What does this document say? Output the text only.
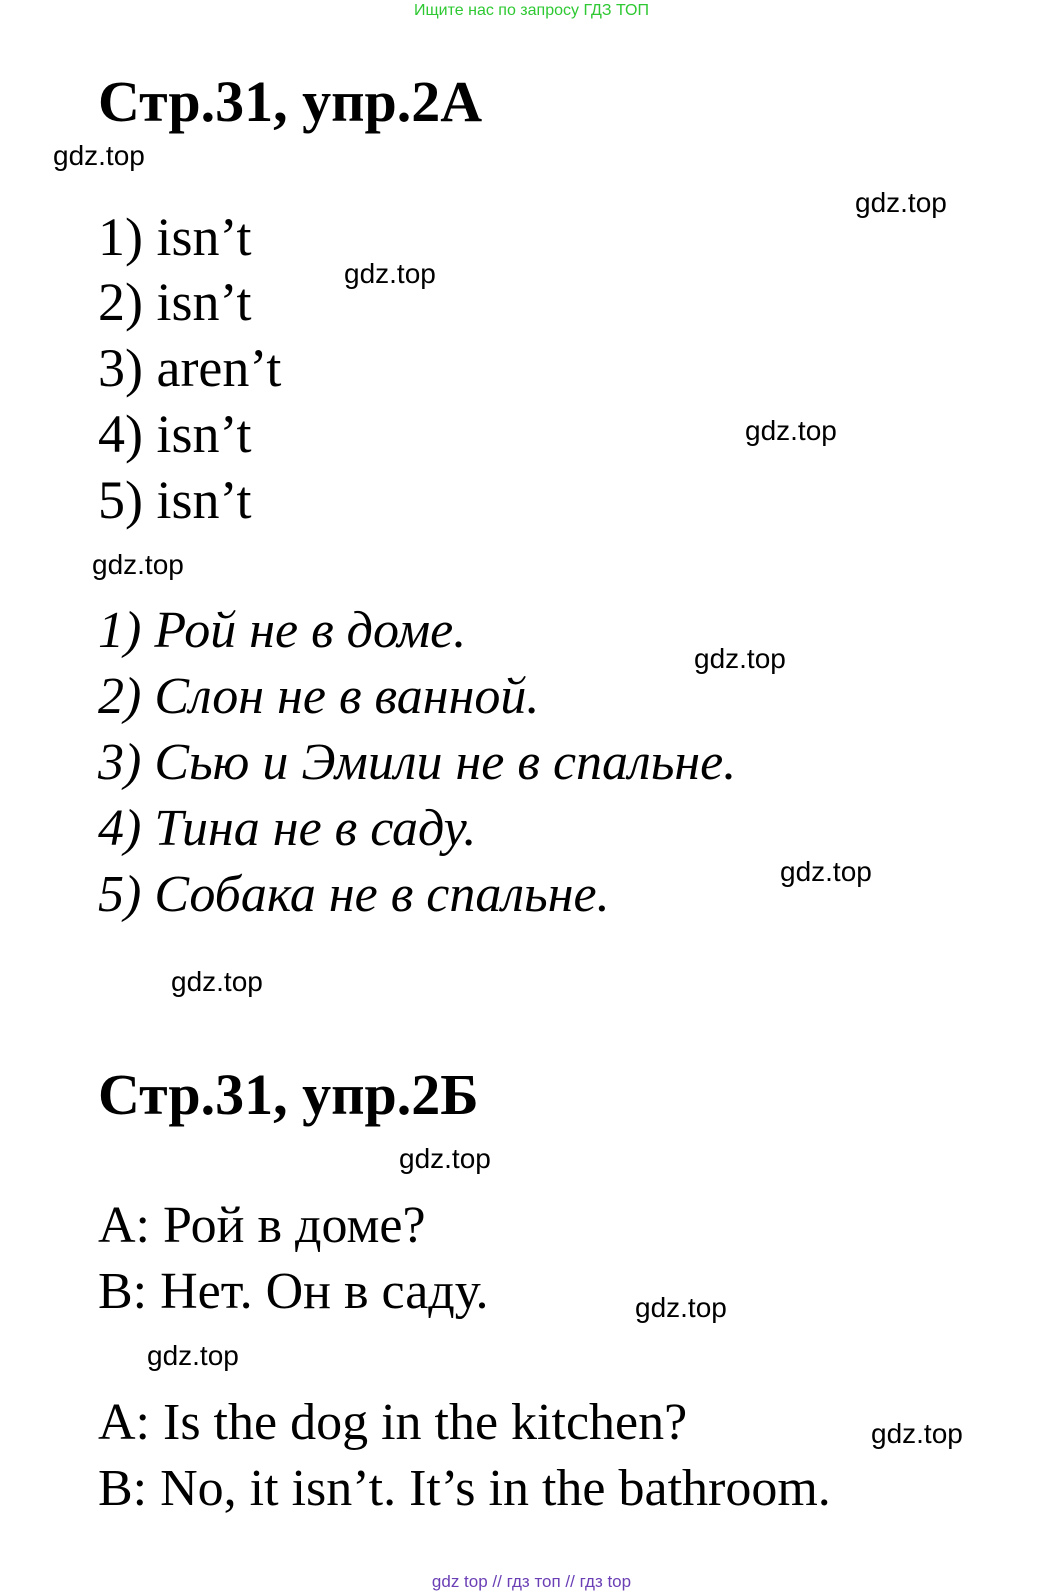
Ищите нас по запросу ГДЗ ТОП
Стр.31, упр.2А
1) isn’t
2) isn’t
3) aren’t
4) isn’t
5) isn’t
1) Рой не в доме.
2) Слон не в ванной.
3) Сью и Эмили не в спальне.
4) Тина не в саду.
5) Собака не в спальне.
Стр.31, упр.2Б
A: Рой в доме?
B: Нет. Он в саду.
A: Is the dog in the kitchen?
B: No, it isn’t. It’s in the bathroom.
gdz.top
gdz.top
gdz.top
gdz.top
gdz.top
gdz.top
gdz.top
gdz.top
gdz.top
gdz.top
gdz.top
gdz.top
gdz top // гдз топ // гдз top
